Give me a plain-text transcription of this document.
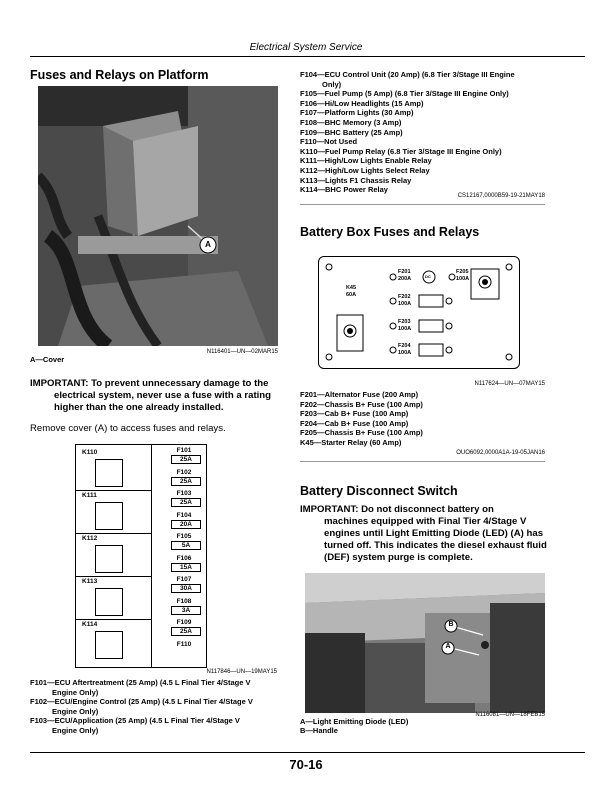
Electrical System Service
Fuses and Relays on Platform
A
N116401—UN—02MAR15
A—Cover
IMPORTANT: To prevent unnecessary damage to the
electrical system, never use a fuse with a rating higher than the one already installed.
Remove cover (A) to access fuses and relays.
K110
K111
K112
K113
K114
F101
25A
F102
25A
F103
25A
F104
20A
F105
5A
F106
15A
F107
30A
F108
3A
F109
25A
F110
N117846—UN—19MAY15
F101—ECU Aftertreatment (25 Amp) (4.5 L Final Tier 4/Stage V
Engine Only)
F102—ECU/Engine Control (25 Amp) (4.5 L Final Tier 4/Stage V
Engine Only)
F103—ECU/Application (25 Amp) (4.5 L Final Tier 4/Stage V
Engine Only)
F104—ECU Control Unit (20 Amp) (6.8 Tier 3/Stage III Engine
Only)
F105—Fuel Pump (5 Amp) (6.8 Tier 3/Stage III Engine Only)
F106—Hi/Low Headlights (15 Amp)
F107—Platform Lights (30 Amp)
F108—BHC Memory (3 Amp)
F109—BHC Battery (25 Amp)
F110—Not Used
K110—Fuel Pump Relay (6.8 Tier 3/Stage III Engine Only)
K111—High/Low Lights Enable Relay
K112—High/Low Lights Select Relay
K113—Lights F1 Chassis Relay
K114—BHC Power Relay
CS12167,0000B59-19-21MAY18
Battery Box Fuses and Relays
K45
60A
F201
200A	DC
F205
100A
F202
100A
F203
100A
F204
100A
N117624—UN—07MAY15
F201—Alternator Fuse (200 Amp)
F202—Chassis B+ Fuse (100 Amp)
F203—Cab B+ Fuse (100 Amp)
F204—Cab B+ Fuse (100 Amp)
F205—Chassis B+ Fuse (100 Amp)
K45—Starter Relay (60 Amp)
OUO6092,0000A1A-19-05JAN16
Battery Disconnect Switch
IMPORTANT: Do not disconnect battery on
machines equipped with Final Tier 4/Stage V engines until Light Emitting Diode (LED) (A) has turned off. This indicates the diesel exhaust fluid (DEF) system purge is complete.
B
A
N116081—UN—18FEB15
A—Light Emitting Diode (LED)
B—Handle
70-16
